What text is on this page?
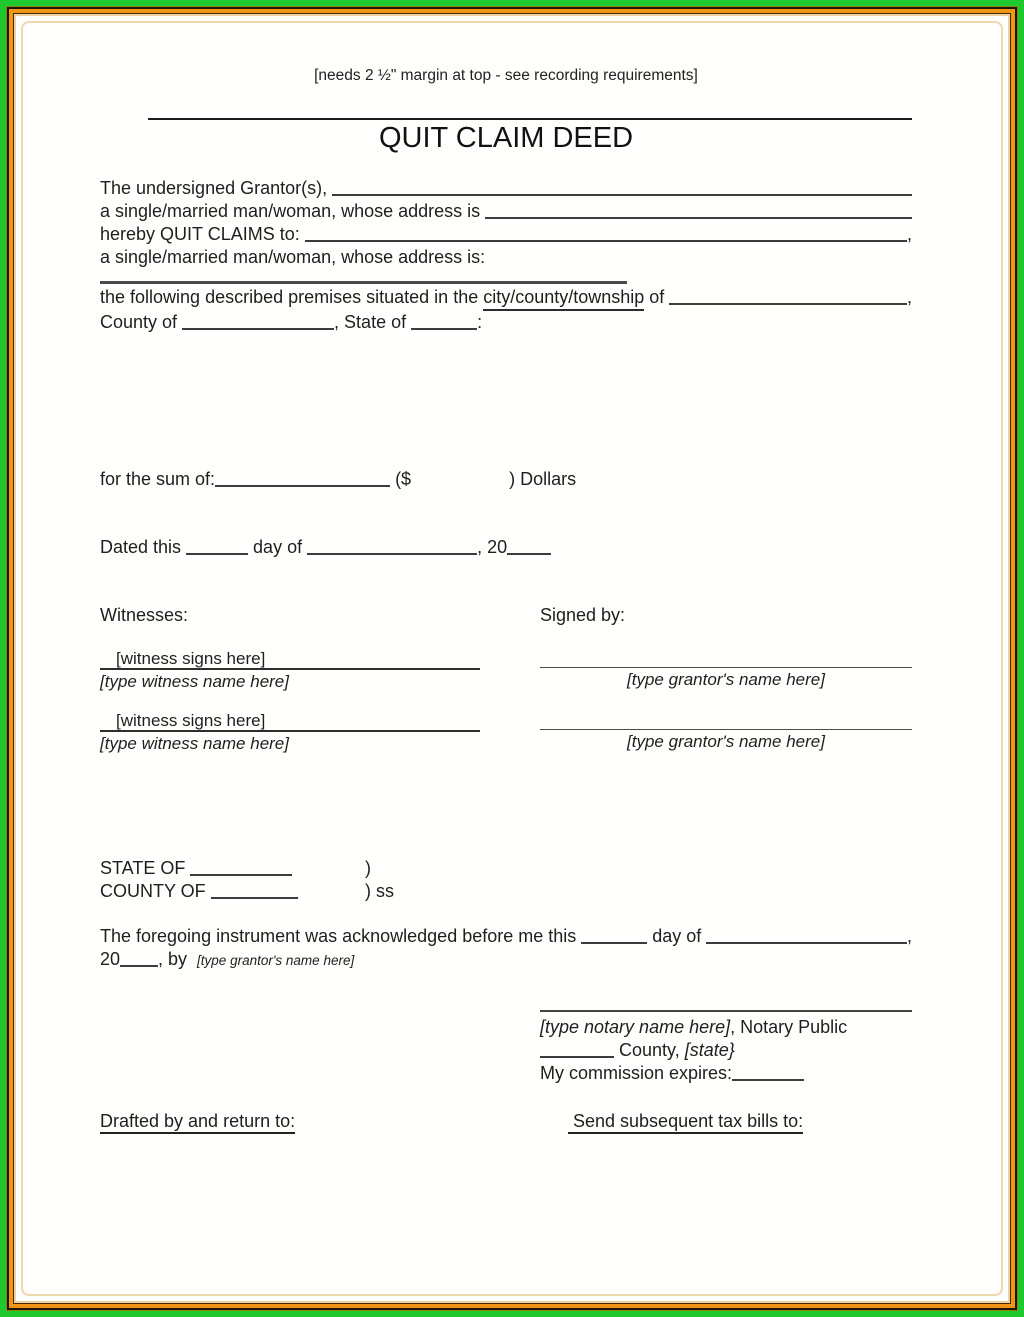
[needs 2 ½" margin at top - see recording requirements]

QUIT CLAIM DEED
The undersigned Grantor(s),
a single/married man/woman, whose address is
hereby QUIT CLAIMS to:	,
a single/married man/woman, whose address is:
the following described premises situated in the city/county/township of	,
County of	, State of	:
for the sum of:	($	) Dollars
Dated this	day of	, 20
Witnesses:	Signed by:
[witness signs here]
[type witness name here]	[type grantor's name here]
[witness signs here]
[type witness name here]	[type grantor's name here]
STATE OF	)
COUNTY OF	) ss
The foregoing instrument was acknowledged before me this	day of	,
20 , by  [type grantor's name here]
[type notary name here], Notary Public
County, [state}
My commission expires:
Drafted by and return to:	Send subsequent tax bills to:
